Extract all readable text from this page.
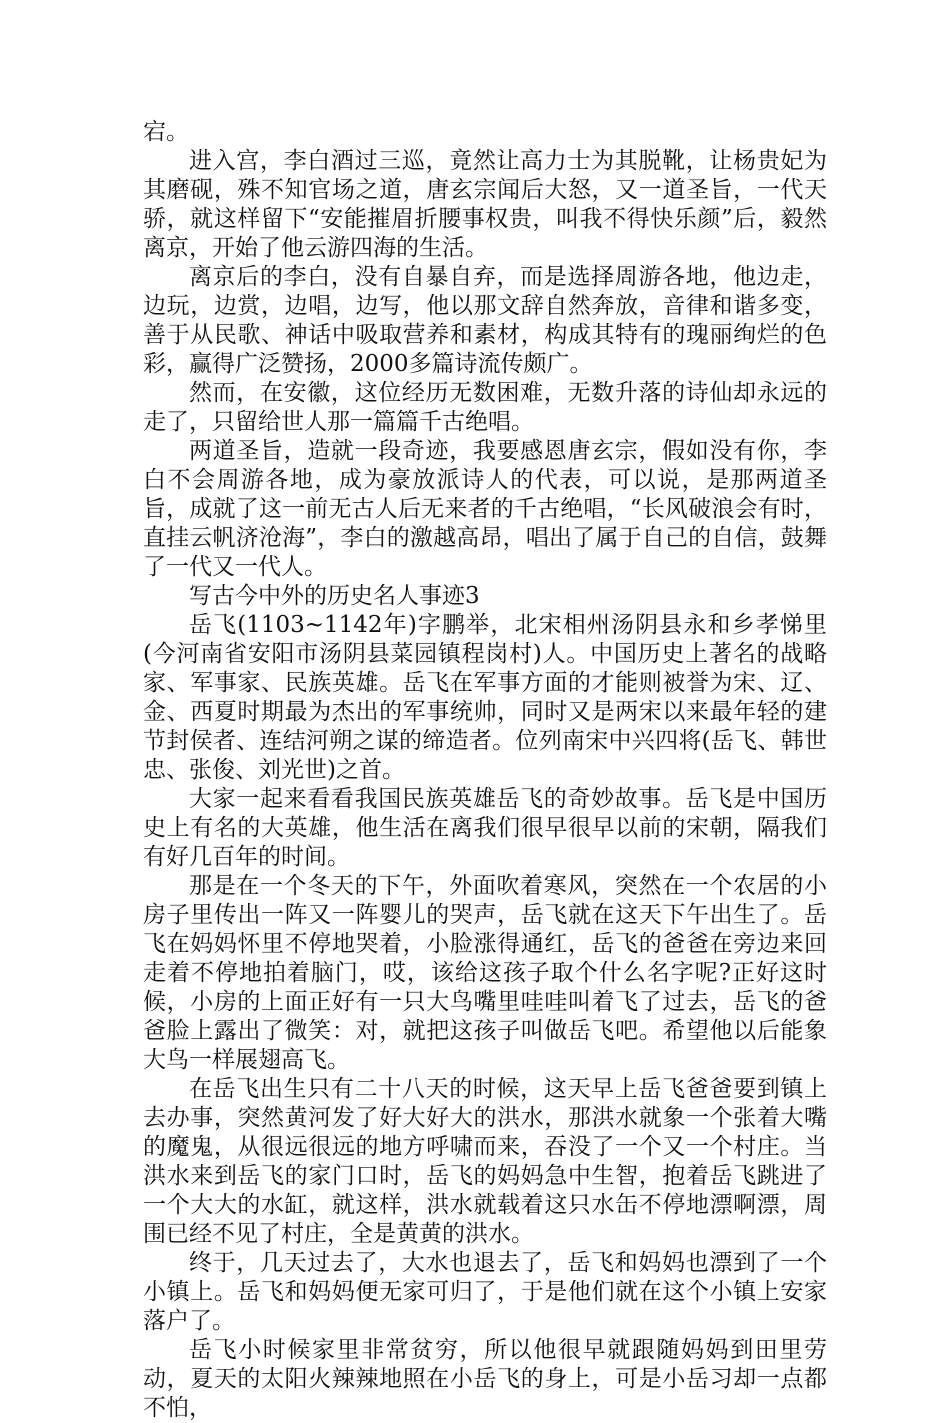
宕。

进入宫，李白酒过三巡，竟然让高力士为其脱靴，让杨贵妃为其磨砚，殊不知官场之道，唐玄宗闻后大怒，又一道圣旨，一代天骄，就这样留下“安能摧眉折腰事权贵，叫我不得快乐颜”后，毅然离京，开始了他云游四海的生活。

离京后的李白，没有自暴自弃，而是选择周游各地，他边走，边玩，边赏，边唱，边写，他以那文辞自然奔放，音律和谐多变，善于从民歌、神话中吸取营养和素材，构成其特有的瑰丽绚烂的色彩，赢得广泛赞扬，2000多篇诗流传颇广。

然而，在安徽，这位经历无数困难，无数升落的诗仙却永远的走了，只留给世人那一篇篇千古绝唱。

两道圣旨，造就一段奇迹，我要感恩唐玄宗，假如没有你，李白不会周游各地，成为豪放派诗人的代表，可以说，是那两道圣旨，成就了这一前无古人后无来者的千古绝唱，“长风破浪会有时，直挂云帆济沧海”，李白的激越高昂，唱出了属于自己的自信，鼓舞了一代又一代人。

写古今中外的历史名人事迹3

岳飞(1103~1142年)字鹏举，北宋相州汤阴县永和乡孝悌里(今河南省安阳市汤阴县菜园镇程岗村)人。中国历史上著名的战略家、军事家、民族英雄。岳飞在军事方面的才能则被誉为宋、辽、金、西夏时期最为杰出的军事统帅，同时又是两宋以来最年轻的建节封侯者、连结河朔之谋的缔造者。位列南宋中兴四将(岳飞、韩世忠、张俊、刘光世)之首。

大家一起来看看我国民族英雄岳飞的奇妙故事。岳飞是中国历史上有名的大英雄，他生活在离我们很早很早以前的宋朝，隔我们有好几百年的时间。

那是在一个冬天的下午，外面吹着寒风，突然在一个农居的小房子里传出一阵又一阵婴儿的哭声，岳飞就在这天下午出生了。岳飞在妈妈怀里不停地哭着，小脸涨得通红，岳飞的爸爸在旁边来回走着不停地拍着脑门，哎，该给这孩子取个什么名字呢?正好这时候，小房的上面正好有一只大鸟嘴里哇哇叫着飞了过去，岳飞的爸爸脸上露出了微笑：对，就把这孩子叫做岳飞吧。希望他以后能象大鸟一样展翅高飞。

在岳飞出生只有二十八天的时候，这天早上岳飞爸爸要到镇上去办事，突然黄河发了好大好大的洪水，那洪水就象一个张着大嘴的魔鬼，从很远很远的地方呼啸而来，吞没了一个又一个村庄。当洪水来到岳飞的家门口时，岳飞的妈妈急中生智，抱着岳飞跳进了一个大大的水缸，就这样，洪水就载着这只水缶不停地漂啊漂，周围已经不见了村庄，全是黄黄的洪水。

终于，几天过去了，大水也退去了，岳飞和妈妈也漂到了一个小镇上。岳飞和妈妈便无家可归了，于是他们就在这个小镇上安家落户了。

岳飞小时候家里非常贫穷，所以他很早就跟随妈妈到田里劳动，夏天的太阳火辣辣地照在小岳飞的身上，可是小岳习却一点都不怕，
